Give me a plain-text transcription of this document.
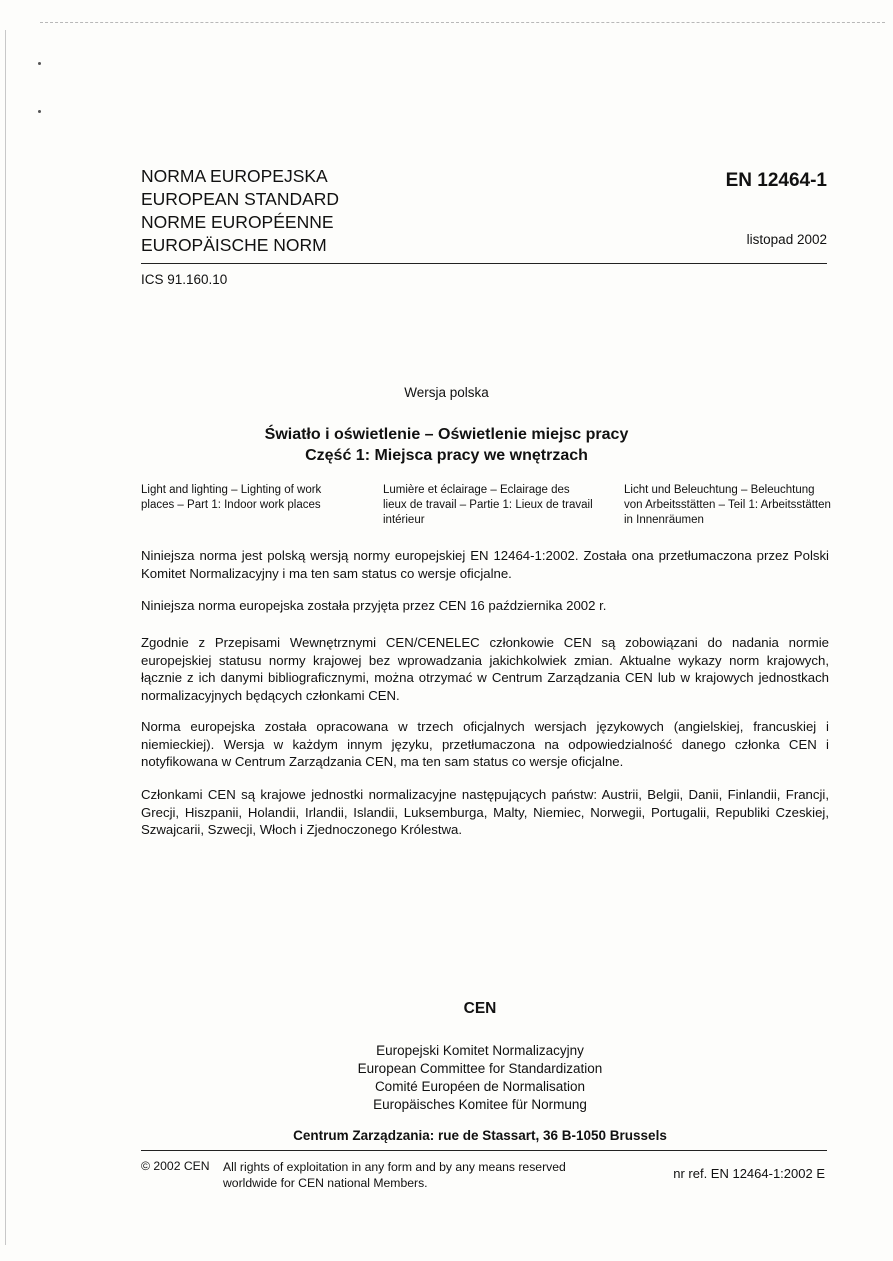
NORMA EUROPEJSKA
EUROPEAN STANDARD
NORME EUROPÉENNE
EUROPÄISCHE NORM
EN 12464-1
listopad 2002
ICS 91.160.10
Wersja polska
Światło i oświetlenie – Oświetlenie miejsc pracy
Część 1: Miejsca pracy we wnętrzach
Light and lighting – Lighting of work places – Part 1: Indoor work places
Lumière et éclairage – Eclairage des lieux de travail – Partie 1: Lieux de travail intérieur
Licht und Beleuchtung – Beleuchtung von Arbeitsstätten – Teil 1: Arbeitsstätten in Innenräumen
Niniejsza norma jest polską wersją normy europejskiej EN 12464-1:2002. Została ona przetłumaczona przez Polski Komitet Normalizacyjny i ma ten sam status co wersje oficjalne.
Niniejsza norma europejska została przyjęta przez CEN 16 października 2002 r.
Zgodnie z Przepisami Wewnętrznymi CEN/CENELEC członkowie CEN są zobowiązani do nadania normie europejskiej statusu normy krajowej bez wprowadzania jakichkolwiek zmian. Aktualne wykazy norm krajowych, łącznie z ich danymi bibliograficznymi, można otrzymać w Centrum Zarządzania CEN lub w krajowych jednostkach normalizacyjnych będących członkami CEN.
Norma europejska została opracowana w trzech oficjalnych wersjach językowych (angielskiej, francuskiej i niemieckiej). Wersja w każdym innym języku, przetłumaczona na odpowiedzialność danego członka CEN i notyfikowana w Centrum Zarządzania CEN, ma ten sam status co wersje oficjalne.
Członkami CEN są krajowe jednostki normalizacyjne następujących państw: Austrii, Belgii, Danii, Finlandii, Francji, Grecji, Hiszpanii, Holandii, Irlandii, Islandii, Luksemburga, Malty, Niemiec, Norwegii, Portugalii, Republiki Czeskiej, Szwajcarii, Szwecji, Włoch i Zjednoczonego Królestwa.
CEN
Europejski Komitet Normalizacyjny
European Committee for Standardization
Comité Européen de Normalisation
Europäisches Komitee für Normung
Centrum Zarządzania: rue de Stassart, 36 B-1050 Brussels
© 2002 CEN All rights of exploitation in any form and by any means reserved worldwide for CEN national Members.
nr ref. EN 12464-1:2002 E
